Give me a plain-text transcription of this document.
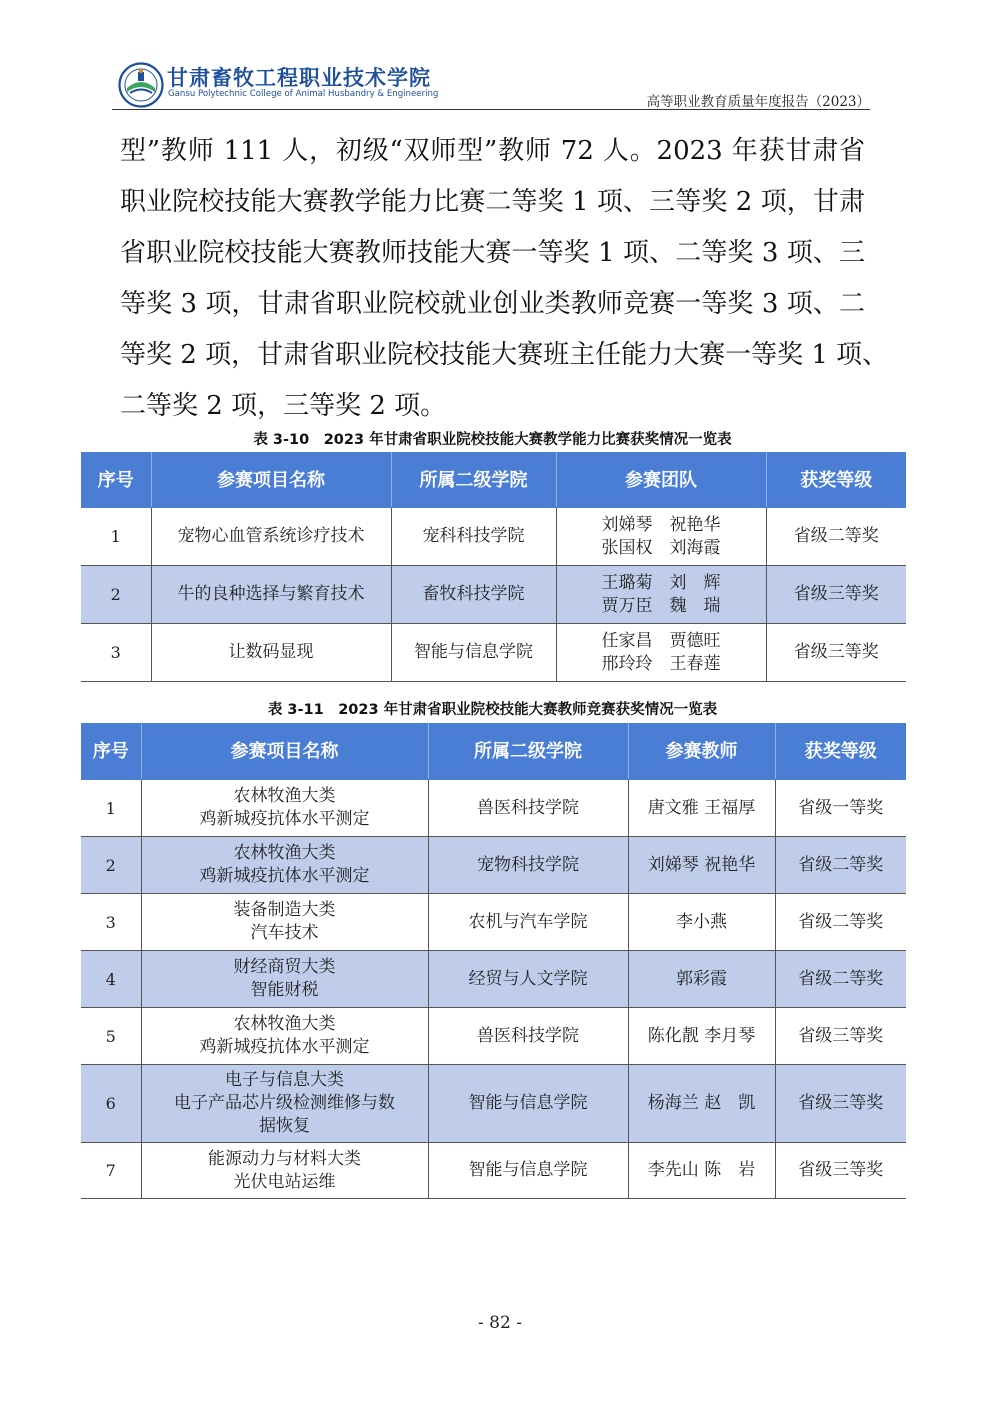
甘肃畜牧工程职业技术学院
Gansu Polytechnic College of Animal Husbandry & Engineering	高等职业教育质量年度报告（2023）
型”教师 111 人，初级“双师型”教师 72 人。2023 年获甘肃省
职业院校技能大赛教学能力比赛二等奖 1 项、三等奖 2 项，甘肃
省职业院校技能大赛教师技能大赛一等奖 1 项、二等奖 3 项、三
等奖 3 项，甘肃省职业院校就业创业类教师竞赛一等奖 3 项、二
等奖 2 项，甘肃省职业院校技能大赛班主任能力大赛一等奖 1 项、
二等奖 2 项，三等奖 2 项。
表 3-10　2023 年甘肃省职业院校技能大赛教学能力比赛获奖情况一览表
序号	参赛项目名称	所属二级学院	参赛团队	获奖等级
1	宠物心血管系统诊疗技术	宠科科技学院	刘娣琴　祝艳华
张国权　刘海霞	省级二等奖
2	牛的良种选择与繁育技术	畜牧科技学院	王璐菊　刘　辉
贾万臣　魏　瑞	省级三等奖
3	让数码显现	智能与信息学院	任家昌　贾德旺
邢玲玲　王春莲	省级三等奖
表 3-11　2023 年甘肃省职业院校技能大赛教师竞赛获奖情况一览表
序号	参赛项目名称	所属二级学院	参赛教师	获奖等级
1	农林牧渔大类
鸡新城疫抗体水平测定	兽医科技学院	唐文雅 王福厚	省级一等奖
2	农林牧渔大类
鸡新城疫抗体水平测定	宠物科技学院	刘娣琴 祝艳华	省级二等奖
3	装备制造大类
汽车技术	农机与汽车学院	李小燕	省级二等奖
4	财经商贸大类
智能财税	经贸与人文学院	郭彩霞	省级二等奖
5	农林牧渔大类
鸡新城疫抗体水平测定	兽医科技学院	陈化靓 李月琴	省级三等奖
6	电子与信息大类
电子产品芯片级检测维修与数
据恢复	智能与信息学院	杨海兰 赵　凯	省级三等奖
7	能源动力与材料大类
光伏电站运维	智能与信息学院	李先山 陈　岩	省级三等奖
- 82 -
